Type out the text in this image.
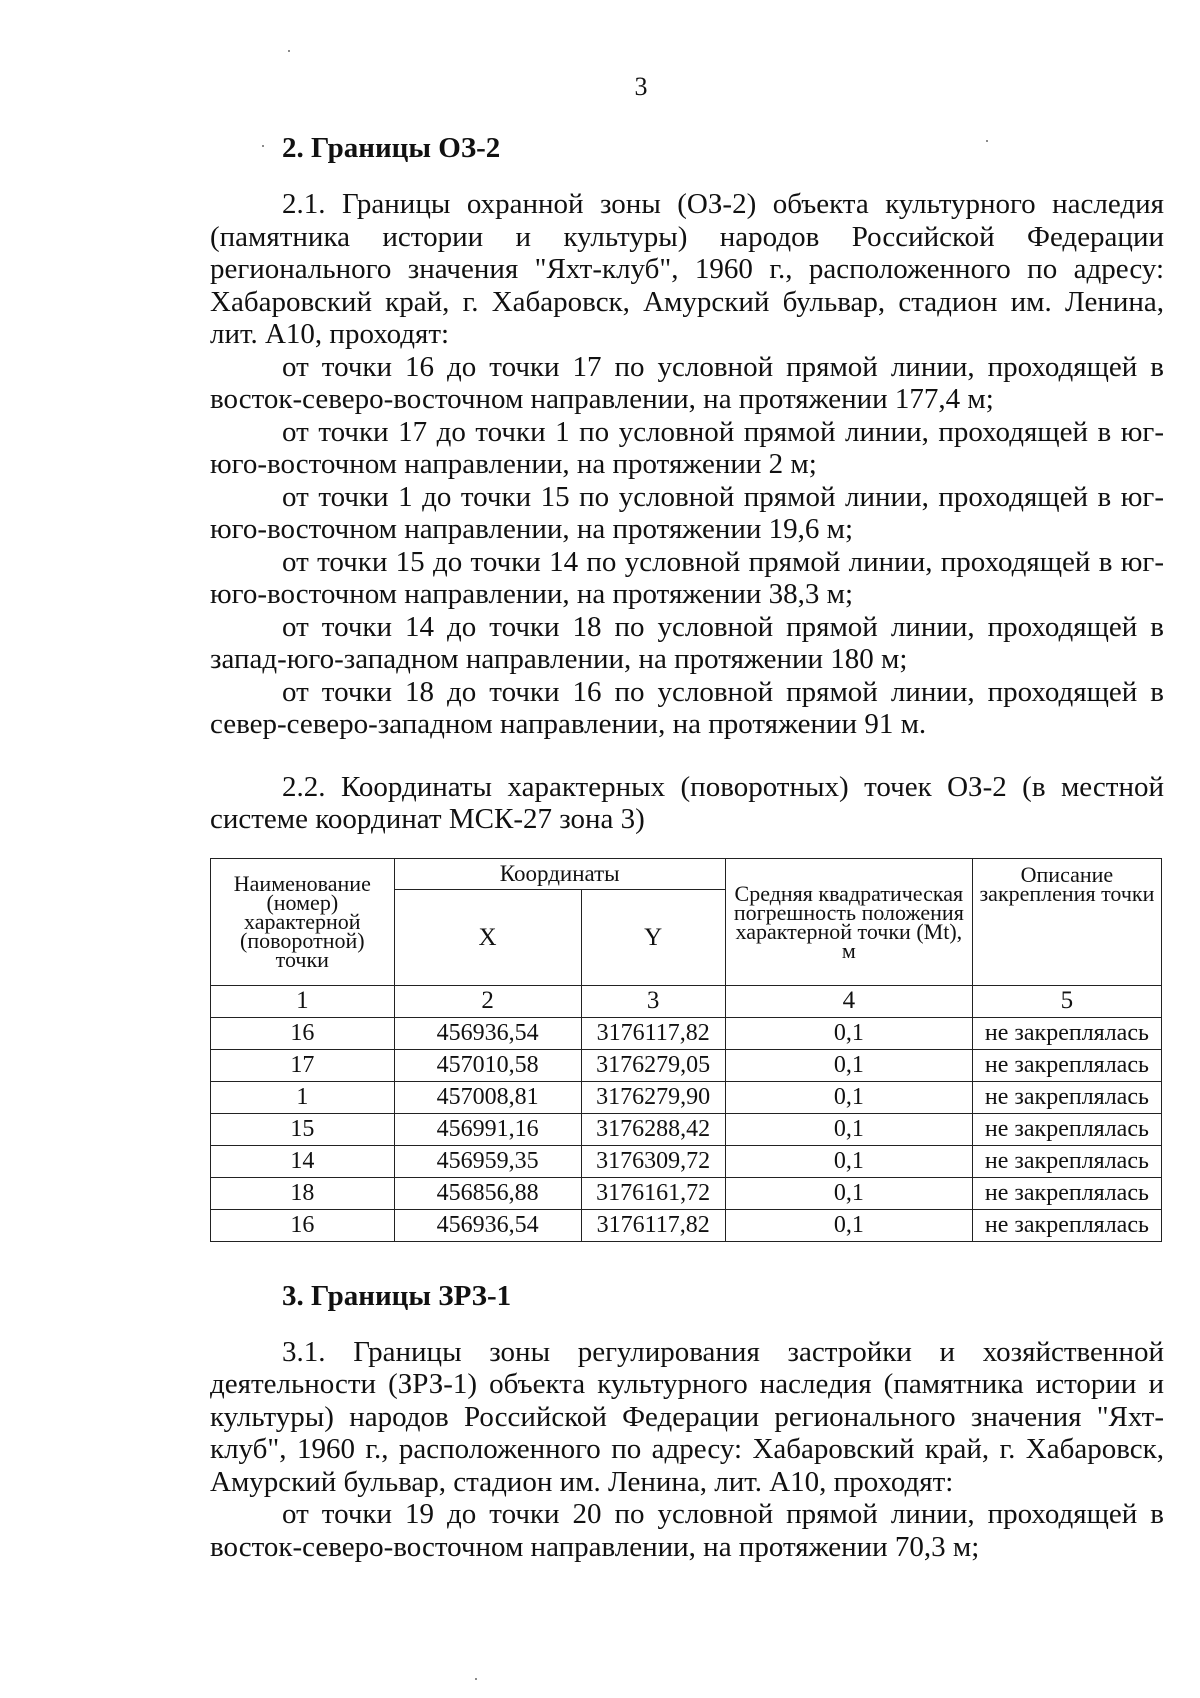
3
2. Границы ОЗ-2

2.1. Границы охранной зоны (ОЗ-2) объекта культурного наследия (памятника истории и культуры) народов Российской Федерации регионального значения "Яхт-клуб", 1960 г., расположенного по адресу: Хабаровский край, г. Хабаровск, Амурский бульвар, стадион им. Ленина, лит. А10, проходят:

от точки 16 до точки 17 по условной прямой линии, проходящей в восток-северо-восточном направлении, на протяжении 177,4 м;

от точки 17 до точки 1 по условной прямой линии, проходящей в юг-юго-восточном направлении, на протяжении 2 м;

от точки 1 до точки 15 по условной прямой линии, проходящей в юг-юго-восточном направлении, на протяжении 19,6 м;

от точки 15 до точки 14 по условной прямой линии, проходящей в юг-юго-восточном направлении, на протяжении 38,3 м;

от точки 14 до точки 18 по условной прямой линии, проходящей в запад-юго-западном направлении, на протяжении 180 м;

от точки 18 до точки 16 по условной прямой линии, проходящей в север-северо-западном направлении, на протяжении 91 м.

2.2. Координаты характерных (поворотных) точек ОЗ-2 (в местной системе координат МСК-27 зона 3)

Наименование (номер) характерной (поворотной) точки	Координаты		Средняя квадратическая погрешность положения характерной точки (Mt), м	Описание закрепления точки
	X	Y		
1	2	3	4	5
16	456936,54	3176117,82	0,1	не закреплялась
17	457010,58	3176279,05	0,1	не закреплялась
1	457008,81	3176279,90	0,1	не закреплялась
15	456991,16	3176288,42	0,1	не закреплялась
14	456959,35	3176309,72	0,1	не закреплялась
18	456856,88	3176161,72	0,1	не закреплялась
16	456936,54	3176117,82	0,1	не закреплялась
3. Границы ЗРЗ-1

3.1. Границы зоны регулирования застройки и хозяйственной деятельности (ЗРЗ-1) объекта культурного наследия (памятника истории и культуры) народов Российской Федерации регионального значения "Яхт-клуб", 1960 г., расположенного по адресу: Хабаровский край, г. Хабаровск, Амурский бульвар, стадион им. Ленина, лит. А10, проходят:

от точки 19 до точки 20 по условной прямой линии, проходящей в восток-северо-восточном направлении, на протяжении 70,3 м;
